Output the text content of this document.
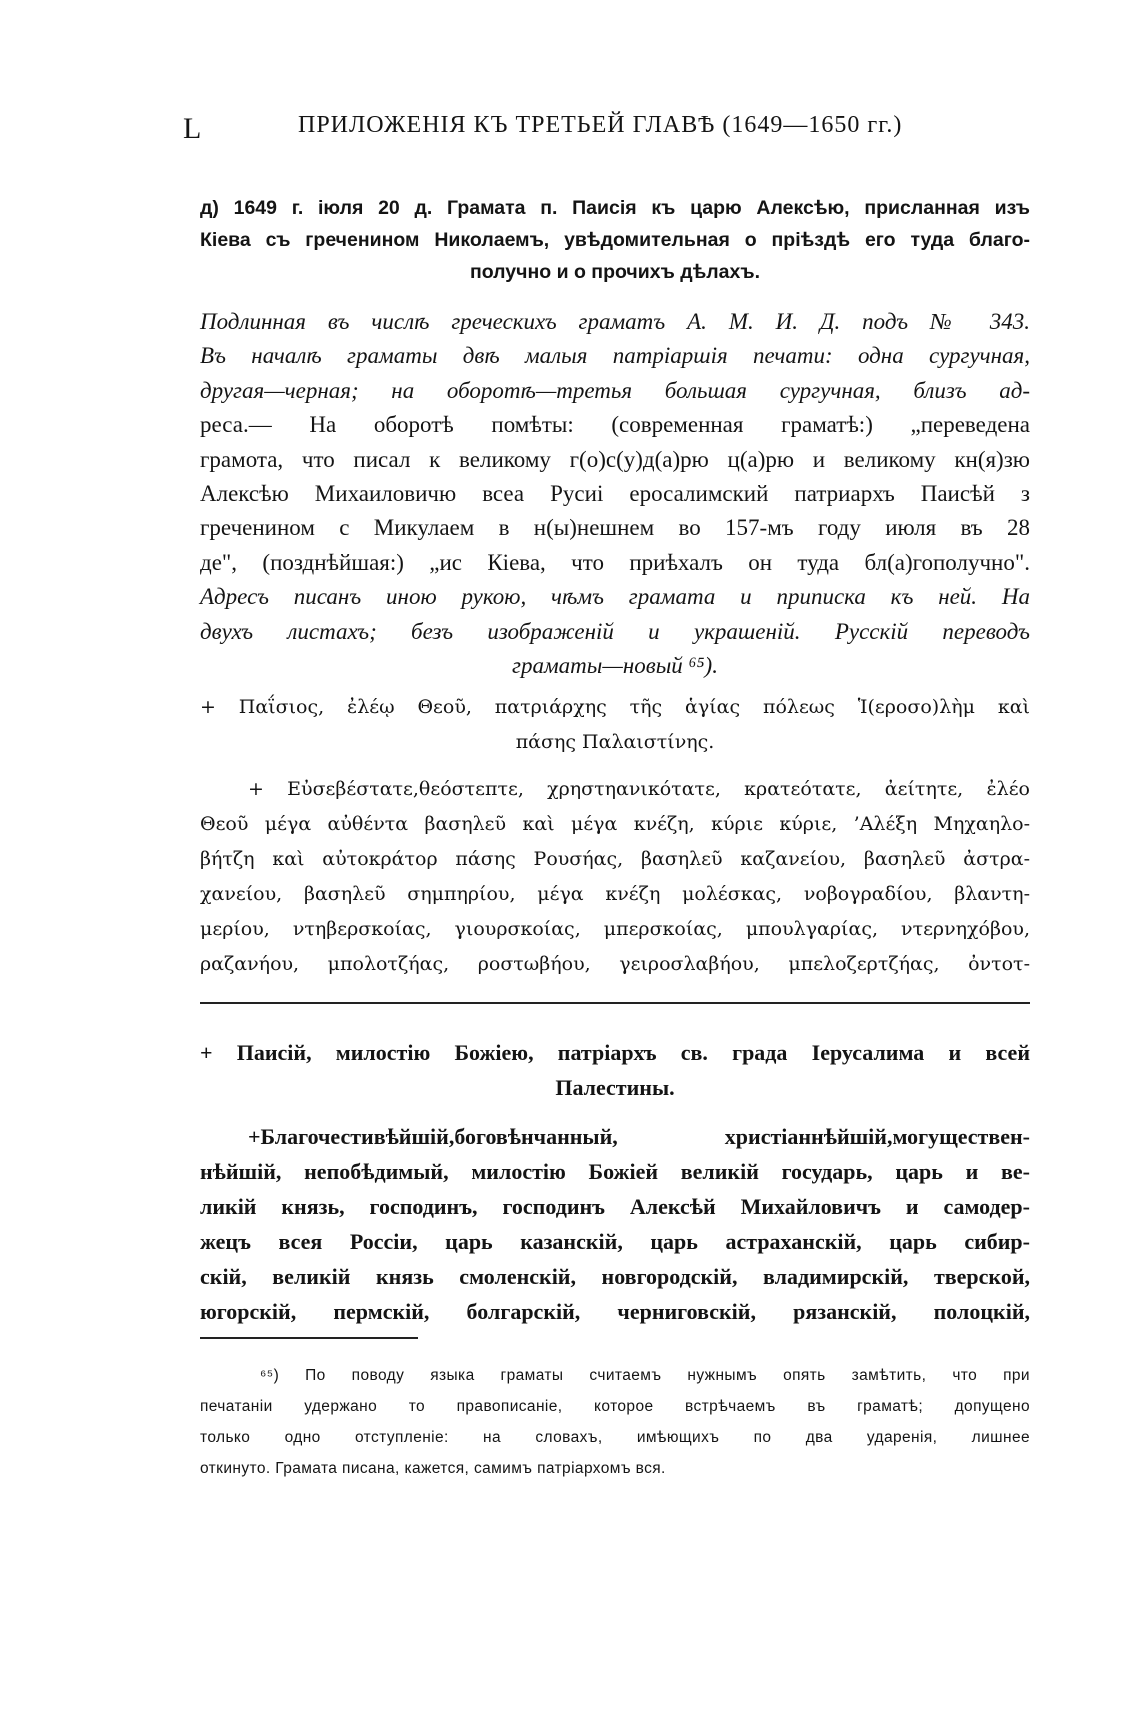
L	ПРИЛОЖЕНІЯ КЪ ТРЕТЬЕЙ ГЛАВѢ (1649—1650 гг.)
д) 1649 г. іюля 20 д. Грамата п. Паисія къ царю Алексѣю, присланная изъ
Кіева съ греченином Николаемъ, увѣдомительная о пріѣздѣ его туда благо-
получно и о прочихъ дѣлахъ.
Подлинная въ числѣ греческихъ граматъ А. М. И. Д. подъ № 343.
Въ началѣ граматы двѣ малыя патріаршія печати: одна сургучная,
другая—черная; на оборотѣ—третья большая сургучная, близъ ад-
реса.— На оборотѣ помѣты: (современная граматѣ:) „переведена
грамота, что писал к великому г(о)с(у)д(а)рю ц(а)рю и великому кн(я)зю
Алексѣю Михаиловичю всеа Русиі еросалимский патриархъ Паисѣй з
греченином с Микулаем в н(ы)нешнем во 157-мъ году июля въ 28
де", (позднѣйшая:) „ис Кіева, что приѣхалъ он туда бл(а)гополучно".
Адресъ писанъ иною рукою, чѣмъ грамата и приписка къ ней. На
двухъ листахъ; безъ изображеній и украшеній. Русскій переводъ
граматы—новый ⁶⁵).
+ Παΐσιος, ἐλέῳ Θεοῦ, πατριάρχης τῆς ἁγίας πόλεως Ἱ(εροσο)λὴμ καὶ
πάσης Παλαιστίνης.
+ Εὐσεβέστατε,θεόστεπτε, χρηστηανικότατε, κρατεότατε, ἀείτητε, ἐλέο
Θεοῦ μέγα αὐθέντα βασηλεῦ καὶ μέγα κνέζη, κύριε κύριε, ’Αλέξη Μηχαηλο-
βήτζη καὶ αὐτοκράτορ πάσης Ρουσήας, βασηλεῦ καζανείου, βασηλεῦ ἀστρα-
χανείου, βασηλεῦ σημπηρίου, μέγα κνέζη μολέσκας, νοβογραδίου, βλαντη-
μερίου, ντηβερσκοίας, γιουρσκοίας, μπερσκοίας, μπουλγαρίας, ντερνηχόβου,
ραζανήου, μπολοτζήας, ροστωβήου, γειροσλαβήου, μπελοζερτζήας, ὀντοτ-
+ Паисій, милостію Божіею, патріархъ св. града Іерусалима и всей
Палестины.
+Благочестивѣйшій,боговѣнчанный, христіаннѣйшій,могуществен-
нѣйшій, непобѣдимый, милостію Божіей великій государь, царь и ве-
ликій князь, господинъ, господинъ Алексѣй Михайловичъ и самодер-
жецъ всея Россіи, царь казанскій, царь астраханскій, царь сибир-
скій, великій князь смоленскій, новгородскій, владимирскій, тверской,
югорскій, пермскій, болгарскій, черниговскій, рязанскій, полоцкій,
⁶⁵) По поводу языка граматы считаемъ нужнымъ опять замѣтить, что при
печатаніи удержано то правописаніе, которое встрѣчаемъ въ граматѣ; допущено
только одно отступленіе: на словахъ, имѣющихъ по два ударенія, лишнее
откинуто. Грамата писана, кажется, самимъ патріархомъ вся.
